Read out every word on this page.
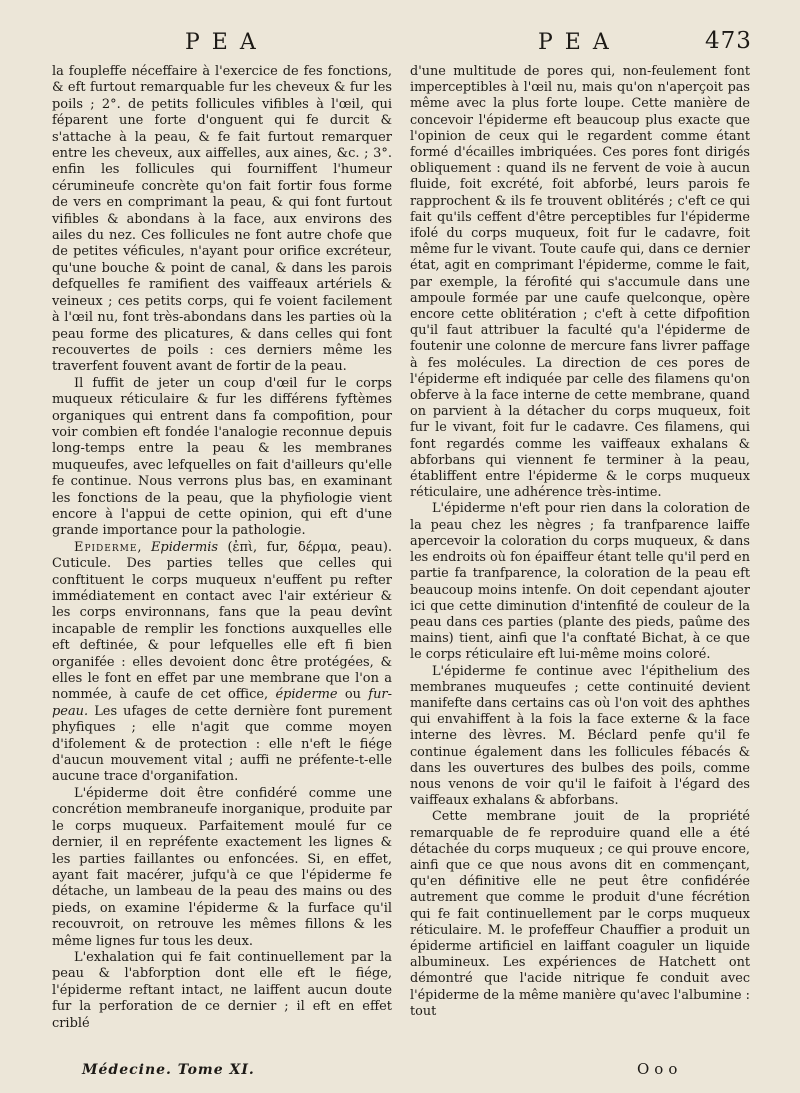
PEA	PEA	473

la foupleffe néceffaire à l'exercice de fes fonctions, & eft furtout remarquable fur les cheveux & fur les poils ; 2°. de petits follicules vifibles à l'œil, qui féparent une forte d'onguent qui fe durcit & s'attache à la peau, & fe fait furtout remarquer entre les cheveux, aux aiffelles, aux aines, &c. ; 3°. enfin les follicules qui fourniffent l'humeur cérumineufe concrète qu'on fait fortir fous forme de vers en comprimant la peau, & qui font furtout vifibles & abondans à la face, aux environs des ailes du nez. Ces follicules ne font autre chofe que de petites véficules, n'ayant pour orifice excréteur, qu'une bouche & point de canal, & dans les parois defquelles fe ramifient des vaiffeaux artériels & veineux ; ces petits corps, qui fe voient facilement à l'œil nu, font très-abondans dans les parties où la peau forme des plicatures, & dans celles qui font recouvertes de poils : ces derniers même les traverfent fouvent avant de fortir de la peau.

Il fuffit de jeter un coup d'œil fur le corps muqueux réticulaire & fur les différens fyftèmes organiques qui entrent dans fa compofition, pour voir combien eft fondée l'analogie reconnue depuis long-temps entre la peau & les membranes muqueufes, avec lefquelles on fait d'ailleurs qu'elle fe continue. Nous verrons plus bas, en examinant les fonctions de la peau, que la phyfiologie vient encore à l'appui de cette opinion, qui eft d'une grande importance pour la pathologie.

Epiderme, Epidermis (ἐπὶ, fur, δέρμα, peau). Cuticule. Des parties telles que celles qui conftituent le corps muqueux n'euffent pu refter immédiatement en contact avec l'air extérieur & les corps environnans, fans que la peau devînt incapable de remplir les fonctions auxquelles elle eft deftinée, & pour lefquelles elle eft fi bien organifée : elles devoient donc être protégées, & elles le font en effet par une membrane que l'on a nommée, à caufe de cet office, épiderme ou fur-peau. Les ufages de cette dernière font purement phyfiques ; elle n'agit que comme moyen d'ifolement & de protection : elle n'eft le fiége d'aucun mouvement vital ; auffi ne préfente-t-elle aucune trace d'organifation.

L'épiderme doit être confidéré comme une concrétion membraneufe inorganique, produite par le corps muqueux. Parfaitement moulé fur ce dernier, il en repréfente exactement les lignes & les parties faillantes ou enfoncées. Si, en effet, ayant fait macérer, jufqu'à ce que l'épiderme fe détache, un lambeau de la peau des mains ou des pieds, on examine l'épiderme & la furface qu'il recouvroit, on retrouve les mêmes fillons & les même lignes fur tous les deux.

L'exhalation qui fe fait continuellement par la peau & l'abforption dont elle eft le fiége, l'épiderme reftant intact, ne laiffent aucun doute fur la perforation de ce dernier ; il eft en effet criblé

d'une multitude de pores qui, non-feulement font imperceptibles à l'œil nu, mais qu'on n'aperçoit pas même avec la plus forte loupe. Cette manière de concevoir l'épiderme eft beaucoup plus exacte que l'opinion de ceux qui le regardent comme étant formé d'écailles imbriquées. Ces pores font dirigés obliquement : quand ils ne fervent de voie à aucun fluide, foit excrété, foit abforbé, leurs parois fe rapprochent & ils fe trouvent oblitérés ; c'eft ce qui fait qu'ils ceffent d'être perceptibles fur l'épiderme ifolé du corps muqueux, foit fur le cadavre, foit même fur le vivant. Toute caufe qui, dans ce dernier état, agit en comprimant l'épiderme, comme le fait, par exemple, la férofité qui s'accumule dans une ampoule formée par une caufe quelconque, opère encore cette oblitération ; c'eft à cette difpofition qu'il faut attribuer la faculté qu'a l'épiderme de foutenir une colonne de mercure fans livrer paffage à fes molécules. La direction de ces pores de l'épiderme eft indiquée par celle des filamens qu'on obferve à la face interne de cette membrane, quand on parvient à la détacher du corps muqueux, foit fur le vivant, foit fur le cadavre. Ces filamens, qui font regardés comme les vaiffeaux exhalans & abforbans qui viennent fe terminer à la peau, établiffent entre l'épiderme & le corps muqueux réticulaire, une adhérence très-intime.

L'épiderme n'eft pour rien dans la coloration de la peau chez les nègres ; fa tranfparence laiffe apercevoir la coloration du corps muqueux, & dans les endroits où fon épaiffeur étant telle qu'il perd en partie fa tranfparence, la coloration de la peau eft beaucoup moins intenfe. On doit cependant ajouter ici que cette diminution d'intenfité de couleur de la peau dans ces parties (plante des pieds, paûme des mains) tient, ainfi que l'a conftaté Bichat, à ce que le corps réticulaire eft lui-même moins coloré.

L'épiderme fe continue avec l'épithelium des membranes muqueufes ; cette continuité devient manifefte dans certains cas où l'on voit des aphthes qui envahiffent à la fois la face externe & la face interne des lèvres. M. Béclard penfe qu'il fe continue également dans les follicules fébacés & dans les ouvertures des bulbes des poils, comme nous venons de voir qu'il le faifoit à l'égard des vaiffeaux exhalans & abforbans.

Cette membrane jouit de la propriété remarquable de fe reproduire quand elle a été détachée du corps muqueux ; ce qui prouve encore, ainfi que ce que nous avons dit en commençant, qu'en définitive elle ne peut être confidérée autrement que comme le produit d'une fécrétion qui fe fait continuellement par le corps muqueux réticulaire. M. le profeffeur Chauffier a produit un épiderme artificiel en laiffant coaguler un liquide albumineux. Les expériences de Hatchett ont démontré que l'acide nitrique fe conduit avec l'épiderme de la même manière qu'avec l'albumine : tout

Médecine. Tome XI.	Ooo
